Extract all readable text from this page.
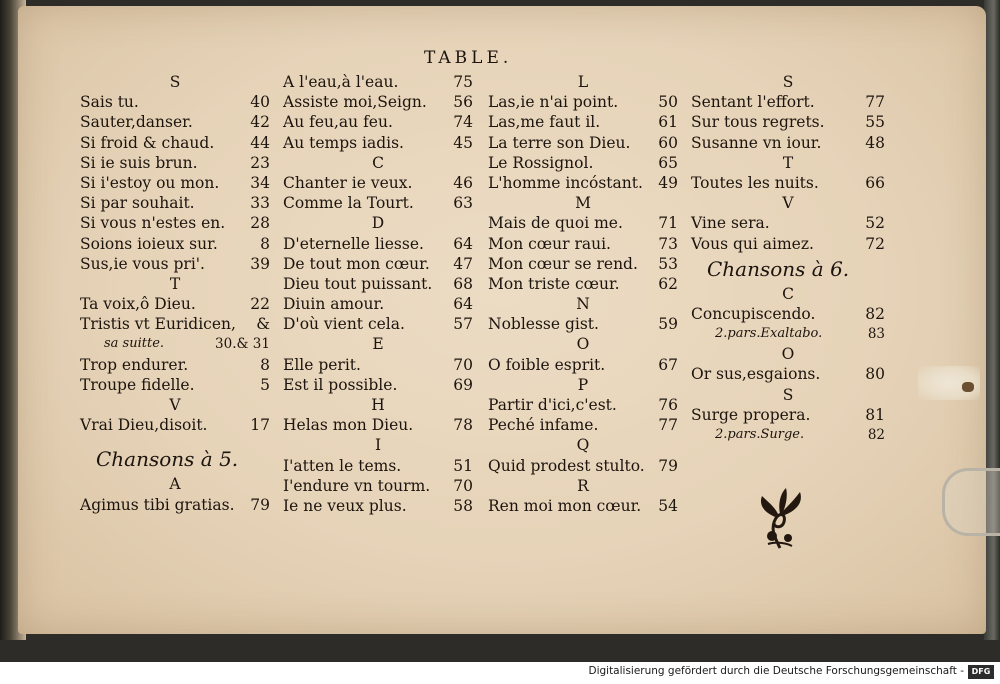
TABLE.
S
Sais tu.	40
Sauter,danser.	42
Si froid & chaud. 44
Si ie suis brun.	23
Si i'estoy ou mon. 34
Si par souhait.	33
Si vous n'estes en. 28
Soions ioieux sur.	8
Sus,ie vous pri'.	39
T
Ta voix,ô Dieu.	22
Tristis vt Euridicen, &
sa suitte.	30.& 31
Trop endurer.	8
Troupe fidelle.	5
V
Vrai Dieu,disoit.	17
Chansons à 5.
A
Agimus tibi gratias. 79
A l'eau,à l'eau.	75
Assiste moi,Seign. 56
Au feu,au feu.	74
Au temps iadis.	45
C
Chanter ie veux.	46
Comme la Tourt.	63
D
D'eternelle liesse. 64
De tout mon cœur. 47
Dieu tout puissant. 68
Diuin amour.	64
D'où vient cela.	57
E
Elle perit.	70
Est il possible.	69
H
Helas mon Dieu.	78
I
I'atten le tems.	51
I'endure vn tourm. 70
Ie ne veux plus.	58
L
Las,ie n'ai point.	50
Las,me faut il.	61
La terre son Dieu. 60
Le Rossignol.	65
L'homme incóstant. 49
M
Mais de quoi me. 71
Mon cœur raui.	73
Mon cœur se rend. 53
Mon triste cœur. 62
N
Noblesse gist.	59
O
O foible esprit.	67
P
Partir d'ici,c'est.	76
Peché infame.	77
Q
Quid prodest stulto. 79
R
Ren moi mon cœur. 54
S
Sentant l'effort.	77
Sur tous regrets.	55
Susanne vn iour.	48
T
Toutes les nuits.	66
V
Vine sera.	52
Vous qui aimez.	72
Chansons à 6.
C
Concupiscendo.	82
2.pars.Exaltabo.	83
O
Or sus,esgaions.	80
S
Surge propera.	81
2.pars.Surge.	82
Digitalisierung gefördert durch die Deutsche Forschungsgemeinschaft - DFG
